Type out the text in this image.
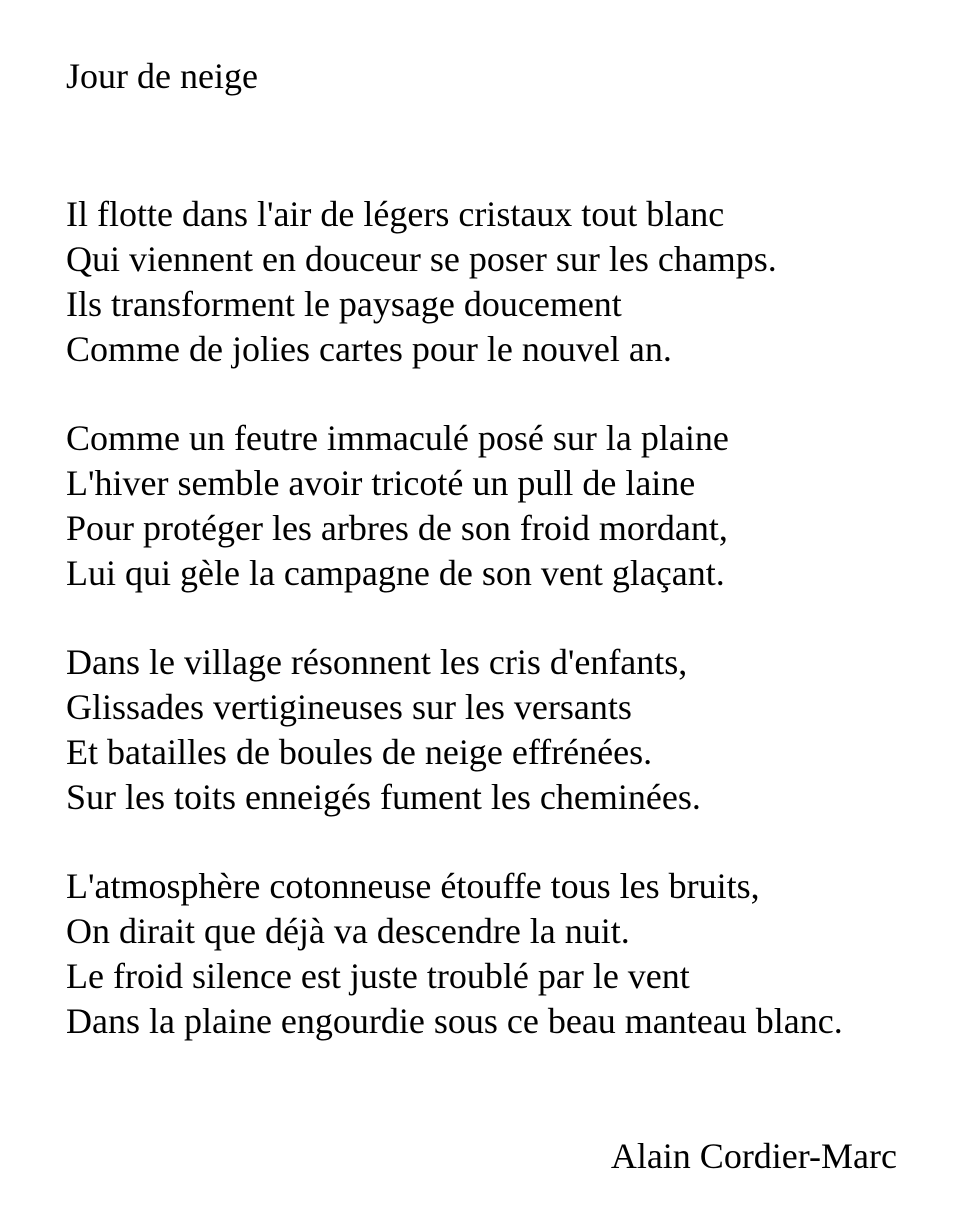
Jour de neige
Il flotte dans l'air de légers cristaux tout blanc
Qui viennent en douceur se poser sur les champs.
Ils transforment le paysage doucement
Comme de jolies cartes pour le nouvel an.
Comme un feutre immaculé posé sur la plaine
L'hiver semble avoir tricoté un pull de laine
Pour protéger les arbres de son froid mordant,
Lui qui gèle la campagne de son vent glaçant.
Dans le village résonnent les cris d'enfants,
Glissades vertigineuses sur les versants
Et batailles de boules de neige effrénées.
Sur les toits enneigés fument les cheminées.
L'atmosphère cotonneuse étouffe tous les bruits,
On dirait que déjà va descendre la nuit.
Le froid silence est juste troublé par le vent
Dans la plaine engourdie sous ce beau manteau blanc.
Alain Cordier-Marc
